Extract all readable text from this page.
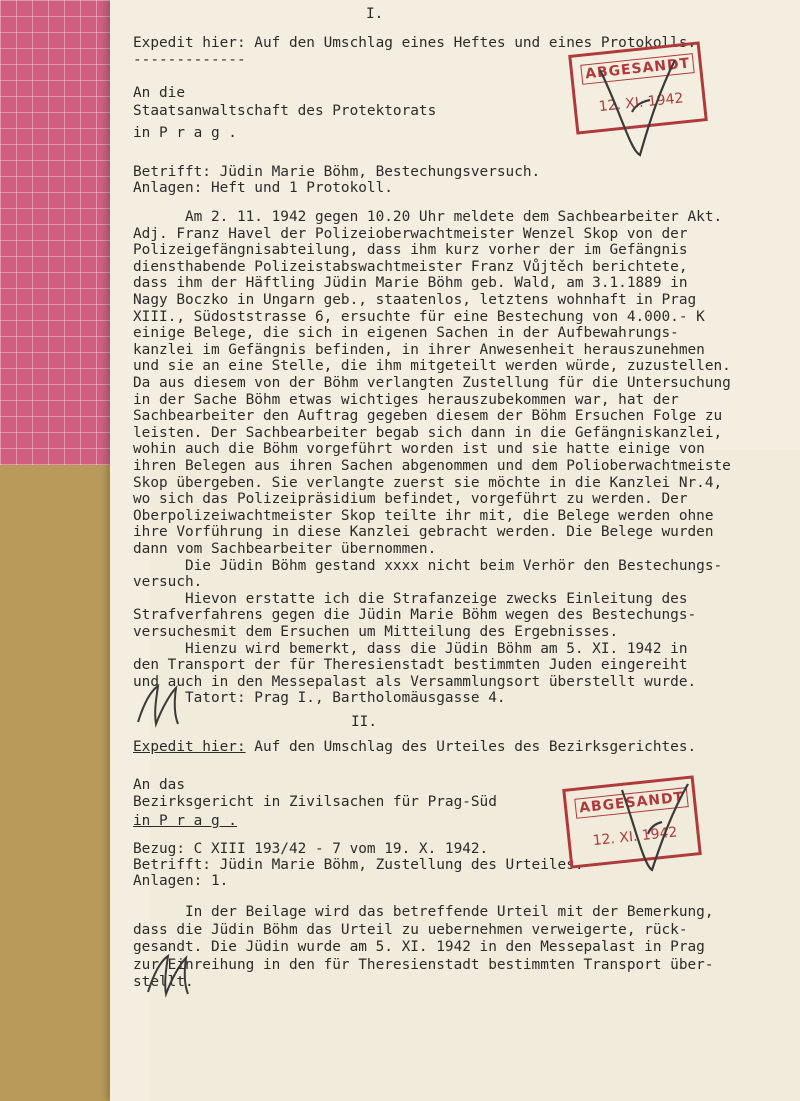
I.
Expedit hier: Auf den Umschlag eines Heftes und eines Protokolls.
-------------
An die
Staatsanwaltschaft des Protektorats
in P r a g .
Betrifft: Jüdin Marie Böhm, Bestechungsversuch.
Anlagen: Heft und 1 Protokoll.
Am 2. 11. 1942 gegen 10.20 Uhr meldete dem Sachbearbeiter Akt.
Adj. Franz Havel der Polizeioberwachtmeister Wenzel Skop von der
Polizeigefängnisabteilung, dass ihm kurz vorher der im Gefängnis
diensthabende Polizeistabswachtmeister Franz Vůjtěch berichtete,
dass ihm der Häftling Jüdin Marie Böhm geb. Wald, am 3.1.1889 in
Nagy Boczko in Ungarn geb., staatenlos, letztens wohnhaft in Prag
XIII., Südoststrasse 6, ersuchte für eine Bestechung von 4.000.- K
einige Belege, die sich in eigenen Sachen in der Aufbewahrungs-
kanzlei im Gefängnis befinden, in ihrer Anwesenheit herauszunehmen
und sie an eine Stelle, die ihm mitgeteilt werden würde, zuzustellen.
Da aus diesem von der Böhm verlangten Zustellung für die Untersuchung
in der Sache Böhm etwas wichtiges herauszubekommen war, hat der
Sachbearbeiter den Auftrag gegeben diesem der Böhm Ersuchen Folge zu
leisten. Der Sachbearbeiter begab sich dann in die Gefängniskanzlei,
wohin auch die Böhm vorgeführt worden ist und sie hatte einige von
ihren Belegen aus ihren Sachen abgenommen und dem Polioberwachtmeiste
Skop übergeben. Sie verlangte zuerst sie möchte in die Kanzlei Nr.4,
wo sich das Polizeipräsidium befindet, vorgeführt zu werden. Der
Oberpolizeiwachtmeister Skop teilte ihr mit, die Belege werden ohne
ihre Vorführung in diese Kanzlei gebracht werden. Die Belege wurden
dann vom Sachbearbeiter übernommen.
Die Jüdin Böhm gestand xxxx nicht beim Verhör den Bestechungs-
versuch.
Hievon erstatte ich die Strafanzeige zwecks Einleitung des
Strafverfahrens gegen die Jüdin Marie Böhm wegen des Bestechungs-
versuchesmit dem Ersuchen um Mitteilung des Ergebnisses.
Hienzu wird bemerkt, dass die Jüdin Böhm am 5. XI. 1942 in
den Transport der für Theresienstadt bestimmten Juden eingereiht
und auch in den Messepalast als Versammlungsort überstellt wurde.
Tatort: Prag I., Bartholomäusgasse 4.
ABGESANDT
12. XI. 1942
II.
Expedit hier: Auf den Umschlag des Urteiles des Bezirksgerichtes.
An das
Bezirksgericht in Zivilsachen für Prag-Süd
in P r a g .
Bezug: C XIII 193/42 - 7 vom 19. X. 1942.
Betrifft: Jüdin Marie Böhm, Zustellung des Urteiles.
Anlagen: 1.
In der Beilage wird das betreffende Urteil mit der Bemerkung,
dass die Jüdin Böhm das Urteil zu uebernehmen verweigerte, rück-
gesandt. Die Jüdin wurde am 5. XI. 1942 in den Messepalast in Prag
zur Einreihung in den für Theresienstadt bestimmten Transport über-
stellt.
ABGESANDT
12. XI. 1942
